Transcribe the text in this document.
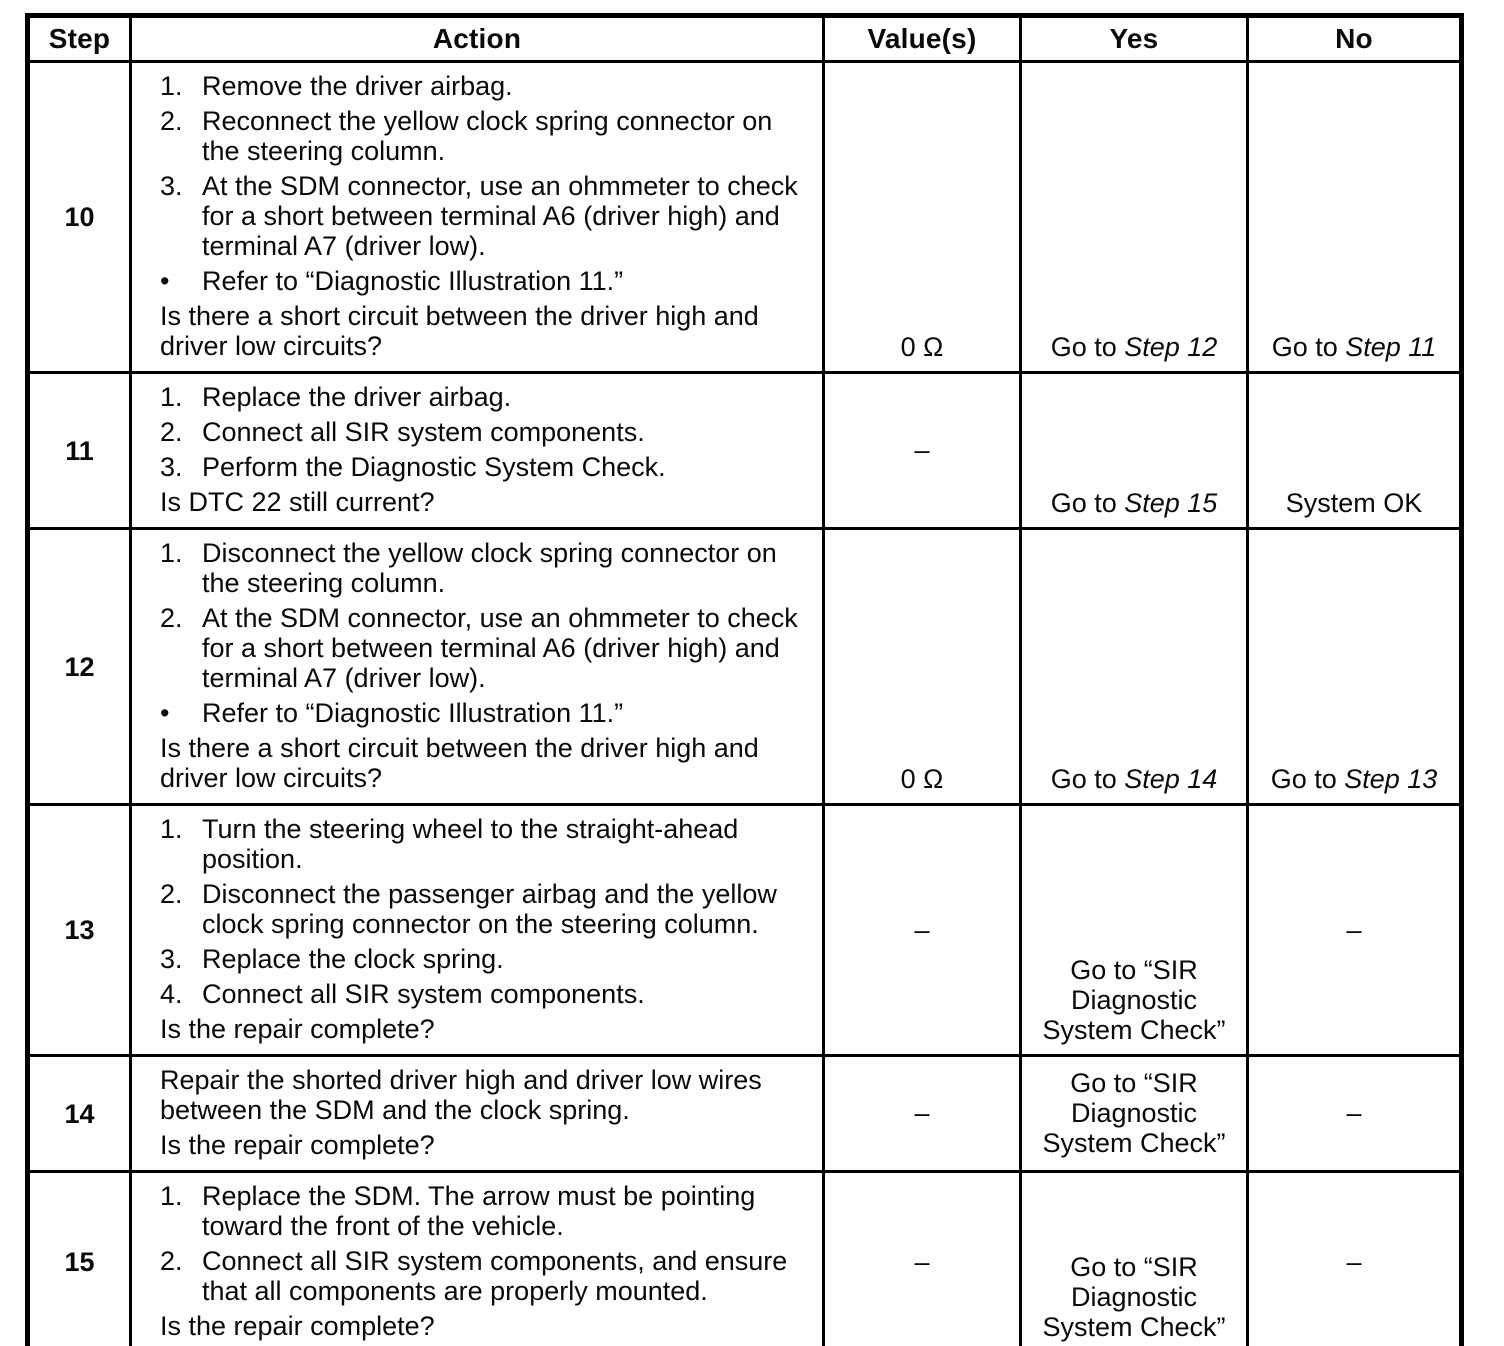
Step	Action	Value(s)	Yes	No
10	
1. Remove the driver airbag.
2. Reconnect the yellow clock spring connector on the steering column.
3. At the SDM connector, use an ohmmeter to check for a short between terminal A6 (driver high) and terminal A7 (driver low).
•	Refer to “Diagnostic Illustration 11.”
Is there a short circuit between the driver high and driver low circuits?	0 Ω	Go to Step 12	Go to Step 11
11	
1. Replace the driver airbag.
2. Connect all SIR system components.
3. Perform the Diagnostic System Check.
Is DTC 22 still current?
	–	Go to Step 15	System OK
12	
1. Disconnect the yellow clock spring connector on the steering column.
2. At the SDM connector, use an ohmmeter to check for a short between terminal A6 (driver high) and terminal A7 (driver low).
•	Refer to “Diagnostic Illustration 11.”
Is there a short circuit between the driver high and driver low circuits?	0 Ω	Go to Step 14	Go to Step 13
13	
1. Turn the steering wheel to the straight-ahead position.
2. Disconnect the passenger airbag and the yellow clock spring connector on the steering column.
3. Replace the clock spring.
4. Connect all SIR system components.
Is the repair complete?
	–	Go to “SIR Diagnostic System Check”	–
14	Repair the shorted driver high and driver low wires between the SDM and the clock spring.
Is the repair complete?	–	Go to “SIR Diagnostic System Check”	–
15	1. Replace the SDM. The arrow must be pointing toward the front of the vehicle.
2. Connect all SIR system components, and ensure that all components are properly mounted.
Is the repair complete?	–	Go to “SIR Diagnostic System Check”	–
